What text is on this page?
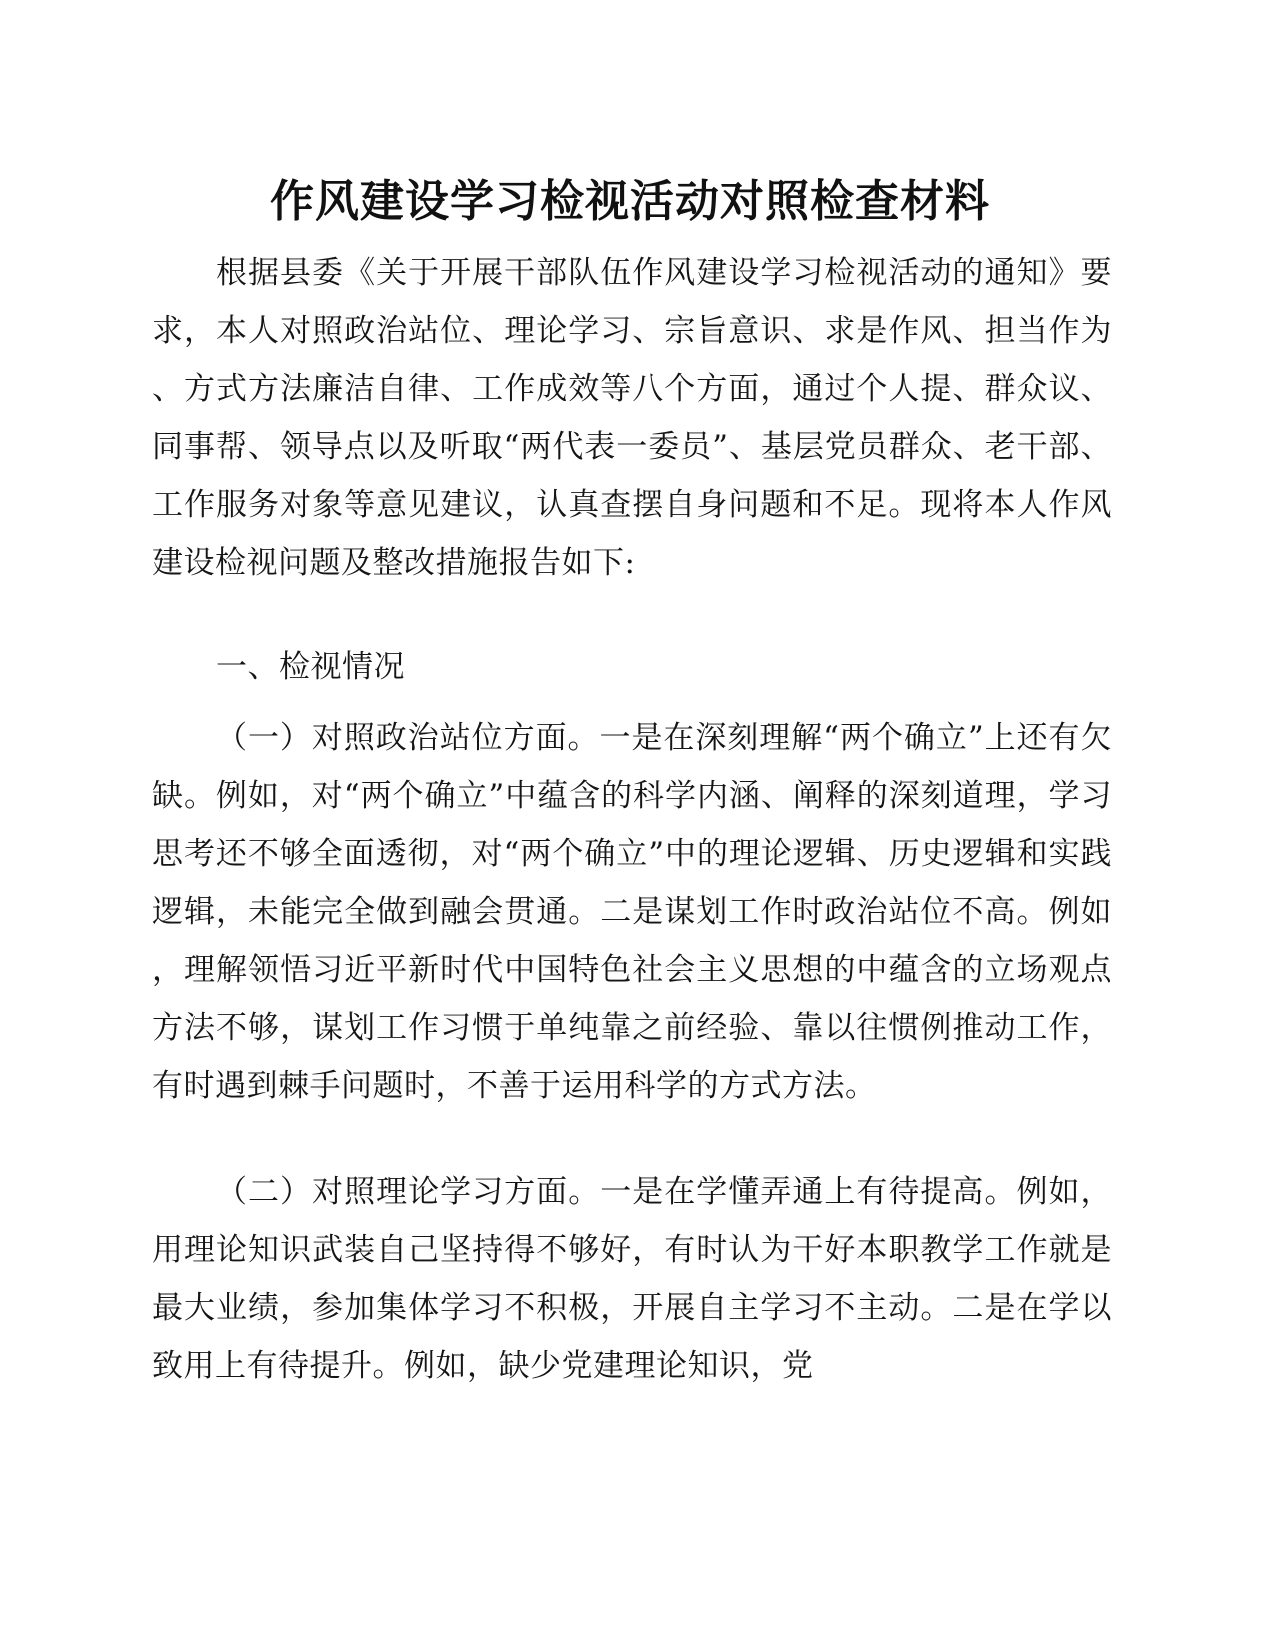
作风建设学习检视活动对照检查材料

根据县委《关于开展干部队伍作风建设学习检视活动的通知》要求，本人对照政治站位、理论学习、宗旨意识、求是作风、担当作为、方式方法廉洁自律、工作成效等八个方面，通过个人提、群众议、同事帮、领导点以及听取“两代表一委员”、基层党员群众、老干部、工作服务对象等意见建议，认真查摆自身问题和不足。现将本人作风建设检视问题及整改措施报告如下:

一、检视情况

（一）对照政治站位方面。一是在深刻理解“两个确立”上还有欠缺。例如，对“两个确立”中蕴含的科学内涵、阐释的深刻道理，学习思考还不够全面透彻，对“两个确立”中的理论逻辑、历史逻辑和实践逻辑，未能完全做到融会贯通。二是谋划工作时政治站位不高。例如，理解领悟习近平新时代中国特色社会主义思想的中蕴含的立场观点方法不够，谋划工作习惯于单纯靠之前经验、靠以往惯例推动工作，有时遇到棘手问题时，不善于运用科学的方式方法。

（二）对照理论学习方面。一是在学懂弄通上有待提高。例如，用理论知识武装自己坚持得不够好，有时认为干好本职教学工作就是最大业绩，参加集体学习不积极，开展自主学习不主动。二是在学以致用上有待提升。例如，缺少党建理论知识，党
